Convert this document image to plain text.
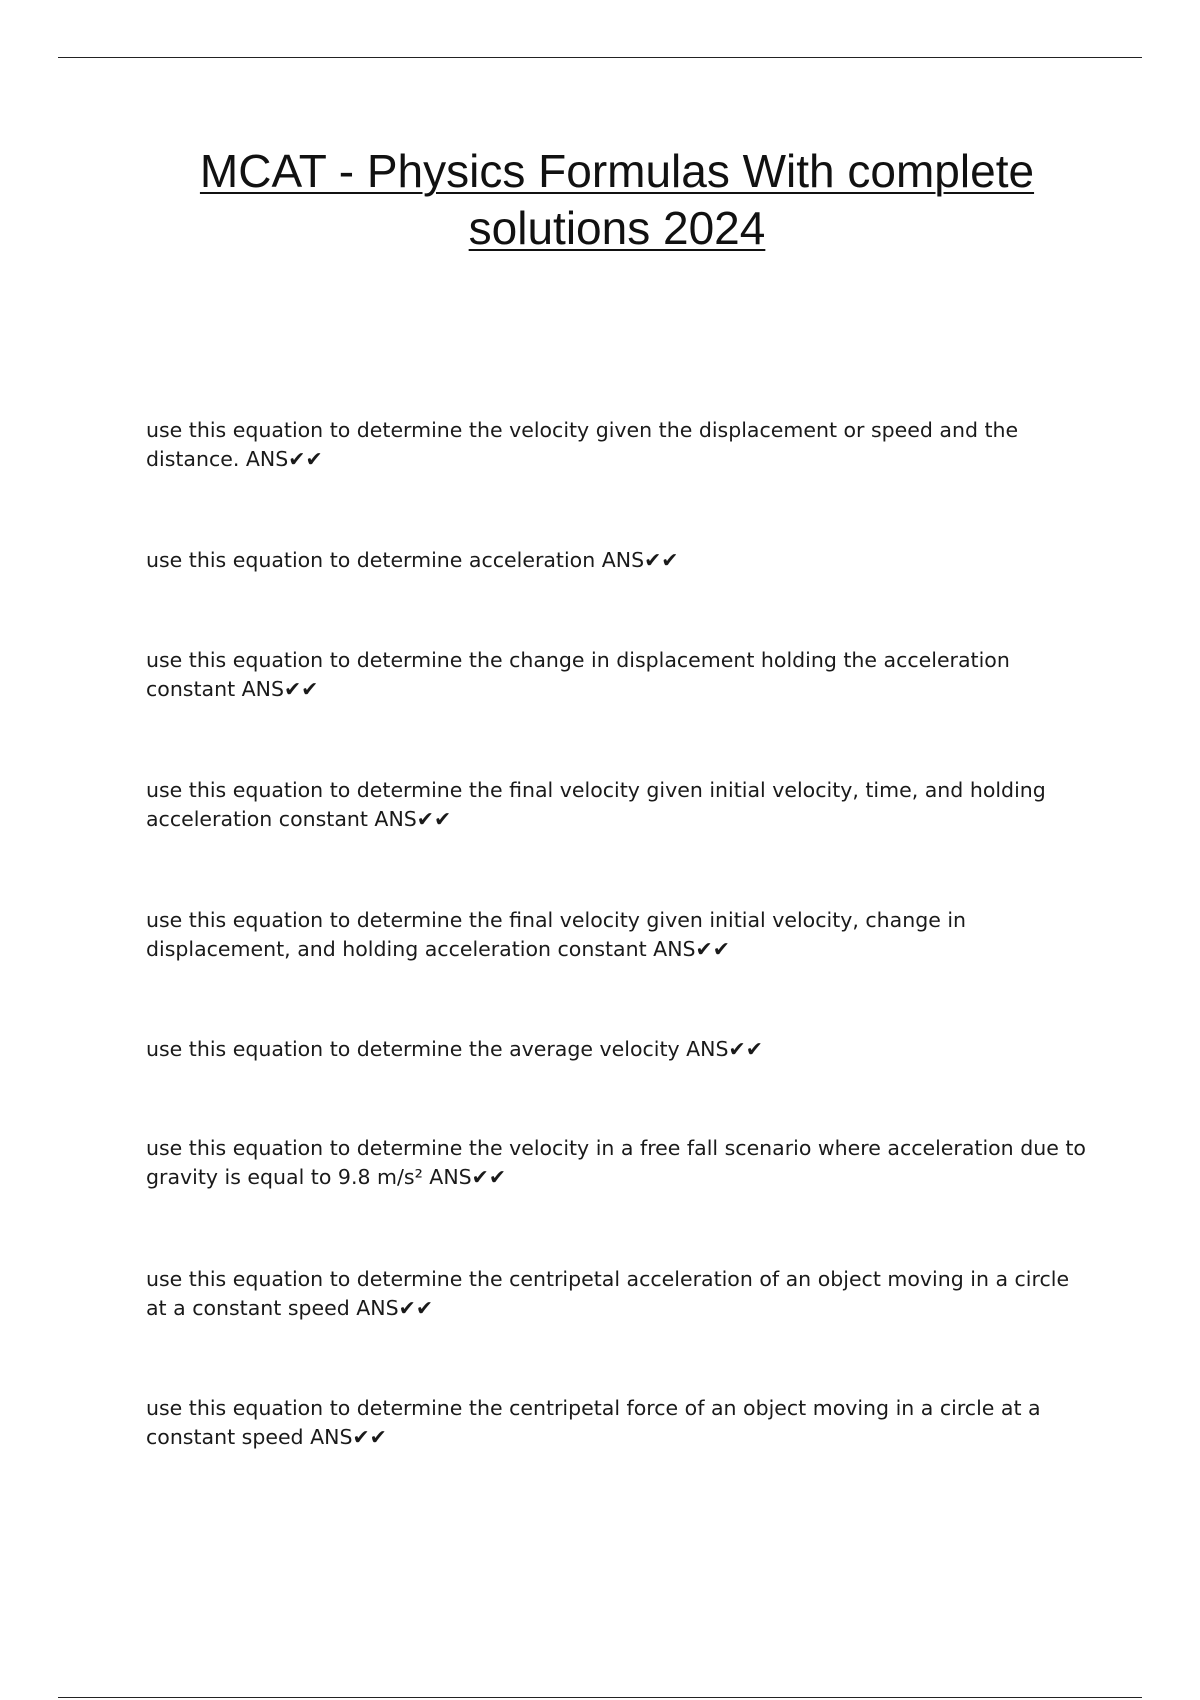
MCAT - Physics Formulas With complete solutions 2024

use this equation to determine the velocity given the displacement or speed and the distance. ANS✔✔

use this equation to determine acceleration ANS✔✔

use this equation to determine the change in displacement holding the acceleration constant ANS✔✔

use this equation to determine the final velocity given initial velocity, time, and holding acceleration constant ANS✔✔

use this equation to determine the final velocity given initial velocity, change in displacement, and holding acceleration constant ANS✔✔

use this equation to determine the average velocity ANS✔✔

use this equation to determine the velocity in a free fall scenario where acceleration due to gravity is equal to 9.8 m/s² ANS✔✔

use this equation to determine the centripetal acceleration of an object moving in a circle at a constant speed ANS✔✔

use this equation to determine the centripetal force of an object moving in a circle at a constant speed ANS✔✔
